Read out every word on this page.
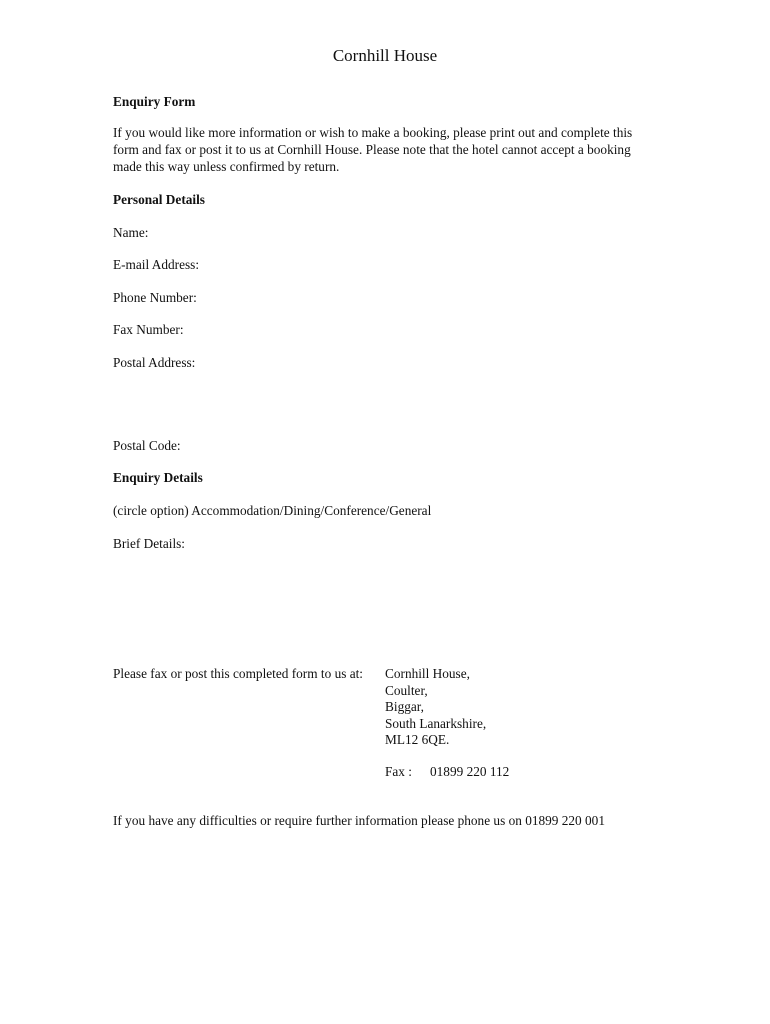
Cornhill House
Enquiry Form
If you would like more information or wish to make a booking, please print out and complete this
form and fax or post it to us at Cornhill House. Please note that the hotel cannot accept a booking
made this way unless confirmed by return.
Personal Details
Name:
E-mail Address:
Phone Number:
Fax Number:
Postal Address:
Postal Code:
Enquiry Details
(circle option) Accommodation/Dining/Conference/General
Brief Details:
Please fax or post this completed form to us at: Cornhill House,
Coulter,
Biggar,
South Lanarkshire,
ML12 6QE.
Fax : 01899 220 112
If you have any difficulties or require further information please phone us on 01899 220 001
